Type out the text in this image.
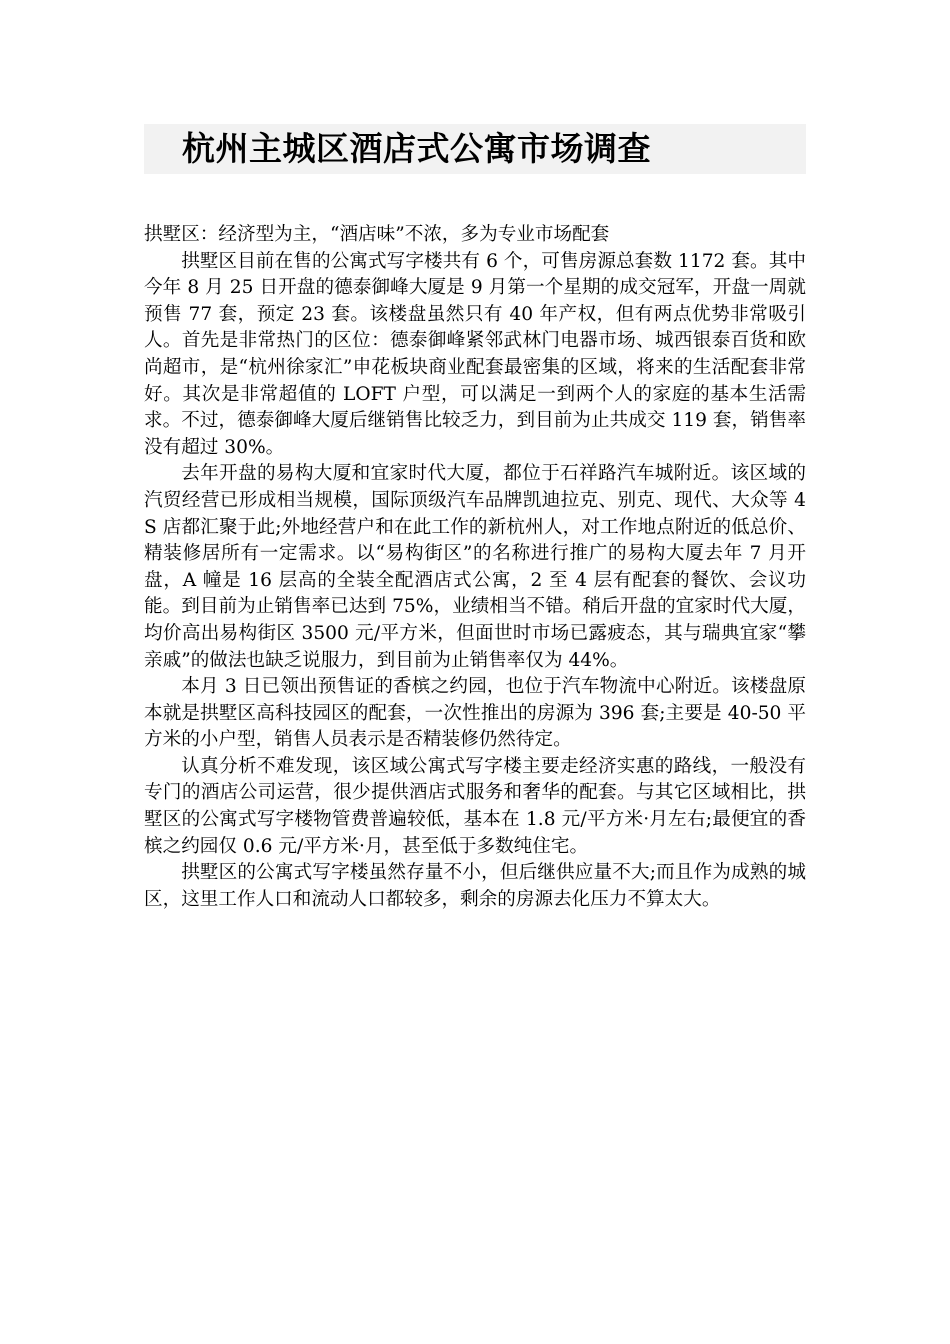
杭州主城区酒店式公寓市场调查

拱墅区：经济型为主，“酒店味”不浓，多为专业市场配套

拱墅区目前在售的公寓式写字楼共有 6 个，可售房源总套数 1172 套。其中今年 8 月 25 日开盘的德泰御峰大厦是 9 月第一个星期的成交冠军，开盘一周就预售 77 套，预定 23 套。该楼盘虽然只有 40 年产权，但有两点优势非常吸引人。首先是非常热门的区位：德泰御峰紧邻武林门电器市场、城西银泰百货和欧尚超市，是“杭州徐家汇”申花板块商业配套最密集的区域，将来的生活配套非常好。其次是非常超值的 LOFT 户型，可以满足一到两个人的家庭的基本生活需求。不过，德泰御峰大厦后继销售比较乏力，到目前为止共成交 119 套，销售率没有超过 30%。

去年开盘的易构大厦和宜家时代大厦，都位于石祥路汽车城附近。该区域的汽贸经营已形成相当规模，国际顶级汽车品牌凯迪拉克、别克、现代、大众等 4S 店都汇聚于此;外地经营户和在此工作的新杭州人，对工作地点附近的低总价、精装修居所有一定需求。以“易构街区”的名称进行推广的易构大厦去年 7 月开盘，A 幢是 16 层高的全装全配酒店式公寓，2 至 4 层有配套的餐饮、会议功能。到目前为止销售率已达到 75%，业绩相当不错。稍后开盘的宜家时代大厦，均价高出易构街区 3500 元/平方米，但面世时市场已露疲态，其与瑞典宜家“攀亲戚”的做法也缺乏说服力，到目前为止销售率仅为 44%。

本月 3 日已领出预售证的香槟之约园，也位于汽车物流中心附近。该楼盘原本就是拱墅区高科技园区的配套，一次性推出的房源为 396 套;主要是 40-50 平方米的小户型，销售人员表示是否精装修仍然待定。

认真分析不难发现，该区域公寓式写字楼主要走经济实惠的路线，一般没有专门的酒店公司运营，很少提供酒店式服务和奢华的配套。与其它区域相比，拱墅区的公寓式写字楼物管费普遍较低，基本在 1.8 元/平方米·月左右;最便宜的香槟之约园仅 0.6 元/平方米·月，甚至低于多数纯住宅。

拱墅区的公寓式写字楼虽然存量不小，但后继供应量不大;而且作为成熟的城区，这里工作人口和流动人口都较多，剩余的房源去化压力不算太大。
